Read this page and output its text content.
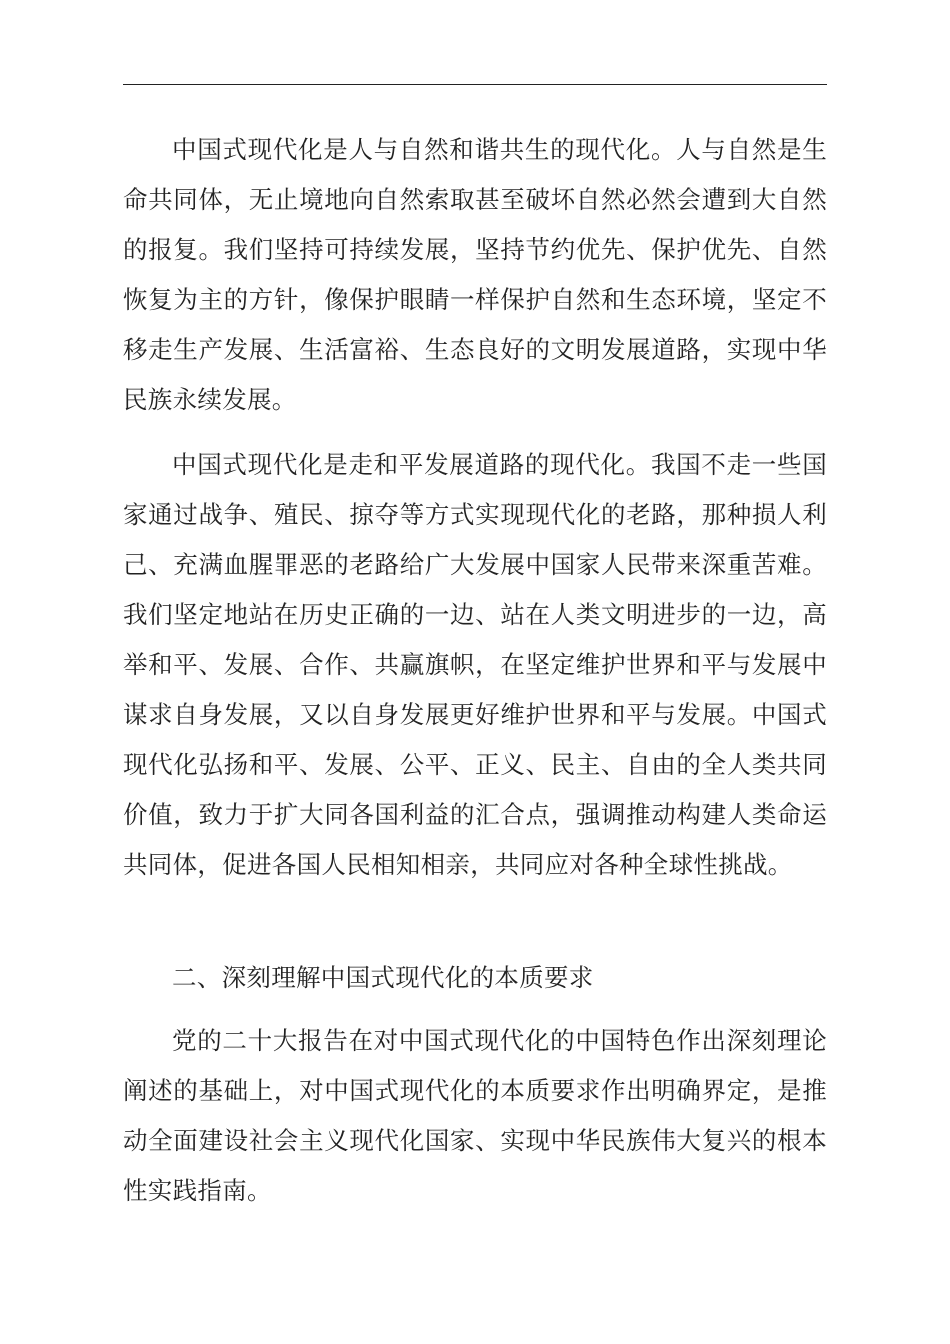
中国式现代化是人与自然和谐共生的现代化。人与自然是生命共同体，无止境地向自然索取甚至破坏自然必然会遭到大自然的报复。我们坚持可持续发展，坚持节约优先、保护优先、自然恢复为主的方针，像保护眼睛一样保护自然和生态环境，坚定不移走生产发展、生活富裕、生态良好的文明发展道路，实现中华民族永续发展。

中国式现代化是走和平发展道路的现代化。我国不走一些国家通过战争、殖民、掠夺等方式实现现代化的老路，那种损人利己、充满血腥罪恶的老路给广大发展中国家人民带来深重苦难。我们坚定地站在历史正确的一边、站在人类文明进步的一边，高举和平、发展、合作、共赢旗帜，在坚定维护世界和平与发展中谋求自身发展，又以自身发展更好维护世界和平与发展。中国式现代化弘扬和平、发展、公平、正义、民主、自由的全人类共同价值，致力于扩大同各国利益的汇合点，强调推动构建人类命运共同体，促进各国人民相知相亲，共同应对各种全球性挑战。

二、深刻理解中国式现代化的本质要求

党的二十大报告在对中国式现代化的中国特色作出深刻理论阐述的基础上，对中国式现代化的本质要求作出明确界定，是推动全面建设社会主义现代化国家、实现中华民族伟大复兴的根本性实践指南。
